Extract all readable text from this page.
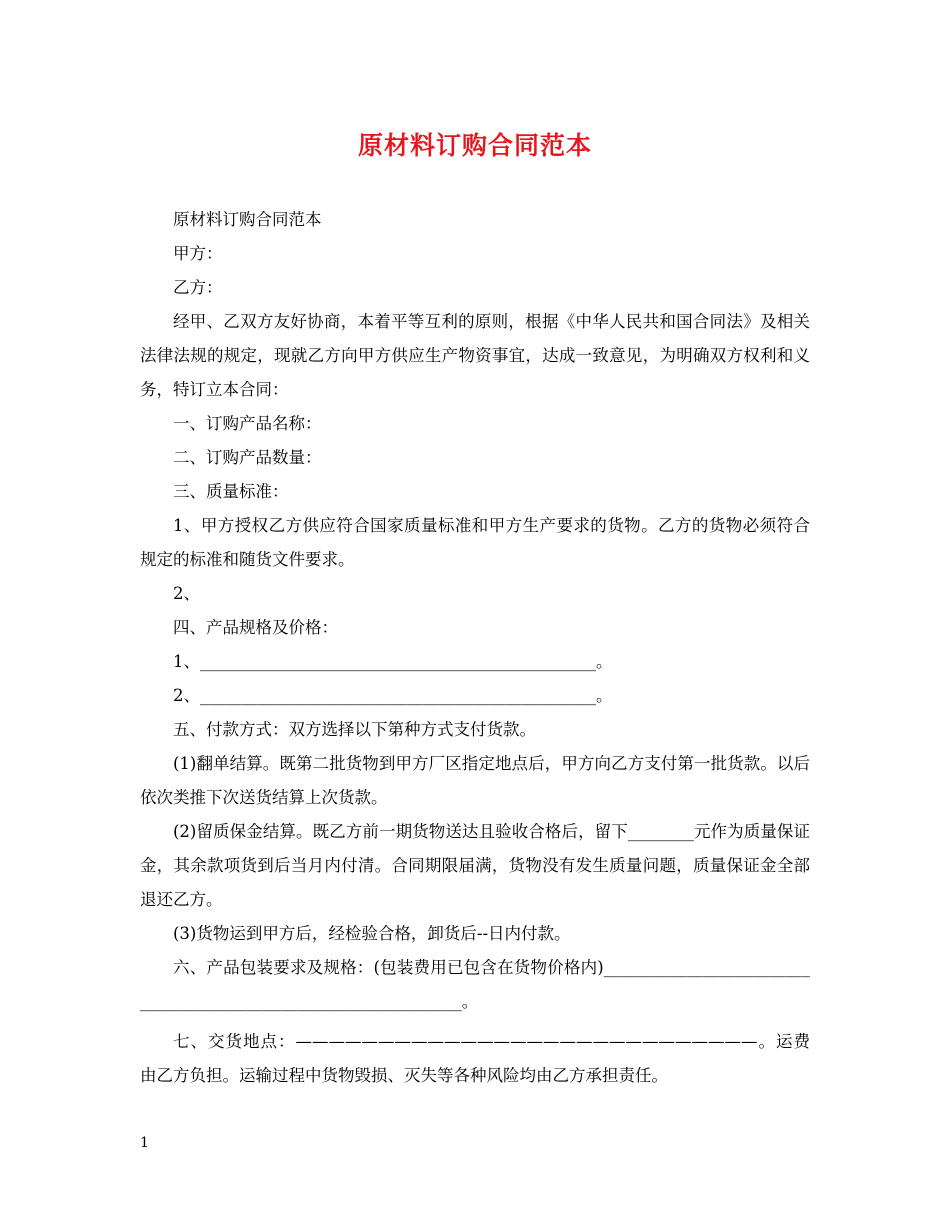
原材料订购合同范本

原材料订购合同范本

甲方：

乙方：

经甲、乙双方友好协商，本着平等互利的原则，根据《中华人民共和国合同法》及相关法律法规的规定，现就乙方向甲方供应生产物资事宜，达成一致意见，为明确双方权利和义务，特订立本合同：

一、订购产品名称：

二、订购产品数量：

三、质量标准：

1、甲方授权乙方供应符合国家质量标准和甲方生产要求的货物。乙方的货物必须符合规定的标准和随货文件要求。

2、

四、产品规格及价格：

1、________________________________________________。

2、________________________________________________。

五、付款方式：双方选择以下第种方式支付货款。

(1)翻单结算。既第二批货物到甲方厂区指定地点后，甲方向乙方支付第一批货款。以后依次类推下次送货结算上次货款。

(2)留质保金结算。既乙方前一期货物送达且验收合格后，留下________元作为质量保证金，其余款项货到后当月内付清。合同期限届满，货物没有发生质量问题，质量保证金全部退还乙方。

(3)货物运到甲方后，经检验合格，卸货后--日内付款。

六、产品包装要求及规格：(包装费用已包含在货物价格内)________________________________________________________________。

七、交货地点：————————————————————————————。运费由乙方负担。运输过程中货物毁损、灭失等各种风险均由乙方承担责任。

1
